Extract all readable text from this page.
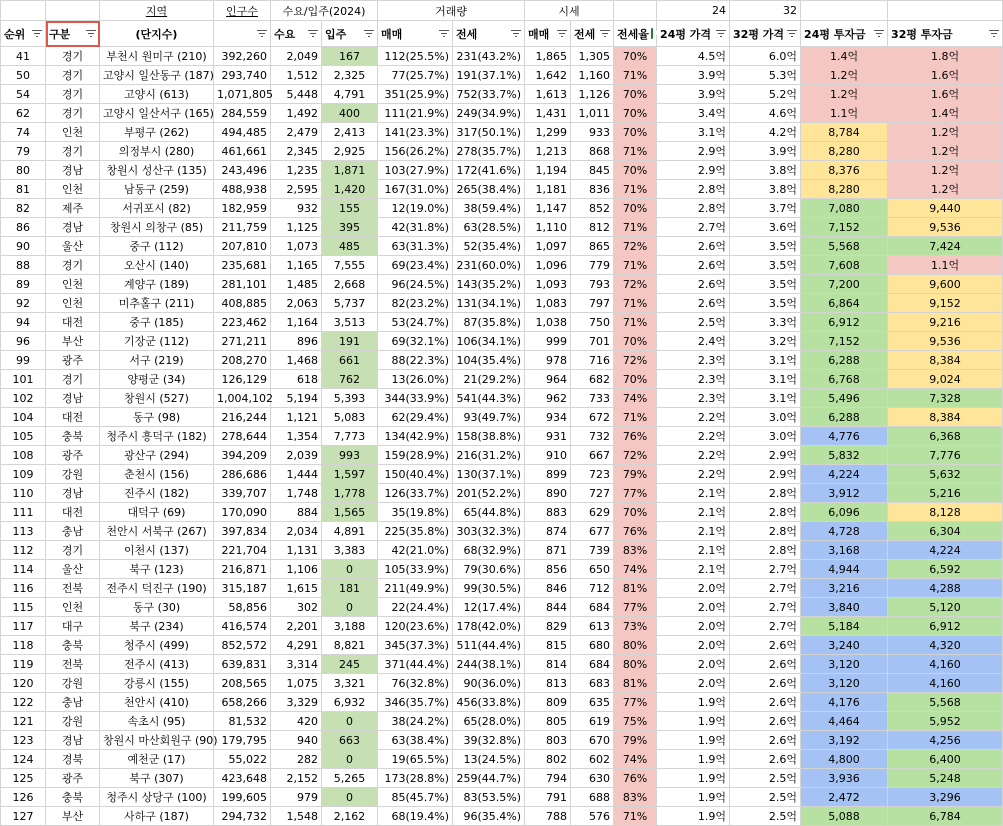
		지역	인구수	수요/입주(2024)		거래량		시세			24	32		

순위	구분	(단지수)		수요	입주	매매	전세	매매	전세	전세율	24평 가격	32평 가격	24평 투자금	32평 투자금

41	경기	부천시 원미구 (210)	392,260	2,049	167	112(25.5%)	231(43.2%)	1,865	1,305	70%	4.5억	6.0억	1.4억	1.8억
50	경기	고양시 일산동구 (187)	293,740	1,512	2,325	77(25.7%)	191(37.1%)	1,642	1,160	71%	3.9억	5.3억	1.2억	1.6억
54	경기	고양시 (613)	1,071,805	5,448	4,791	351(25.9%)	752(33.7%)	1,613	1,126	70%	3.9억	5.2억	1.2억	1.6억
62	경기	고양시 일산서구 (165)	284,559	1,492	400	111(21.9%)	249(34.9%)	1,431	1,011	70%	3.4억	4.6억	1.1억	1.4억
74	인천	부평구 (262)	494,485	2,479	2,413	141(23.3%)	317(50.1%)	1,299	933	70%	3.1억	4.2억	8,784	1.2억
79	경기	의정부시 (280)	461,661	2,345	2,925	156(26.2%)	278(35.7%)	1,213	868	71%	2.9억	3.9억	8,280	1.2억
80	경남	창원시 성산구 (135)	243,496	1,235	1,871	103(27.9%)	172(41.6%)	1,194	845	70%	2.9억	3.8억	8,376	1.2억
81	인천	남동구 (259)	488,938	2,595	1,420	167(31.0%)	265(38.4%)	1,181	836	71%	2.8억	3.8억	8,280	1.2억
82	제주	서귀포시 (82)	182,959	932	155	12(19.0%)	38(59.4%)	1,147	852	70%	2.8억	3.7억	7,080	9,440
86	경남	창원시 의창구 (85)	211,759	1,125	395	42(31.8%)	63(28.5%)	1,110	812	71%	2.7억	3.6억	7,152	9,536
90	울산	중구 (112)	207,810	1,073	485	63(31.3%)	52(35.4%)	1,097	865	72%	2.6억	3.5억	5,568	7,424
88	경기	오산시 (140)	235,681	1,165	7,555	69(23.4%)	231(60.0%)	1,096	779	71%	2.6억	3.5억	7,608	1.1억
89	인천	계양구 (189)	281,101	1,485	2,668	96(24.5%)	143(35.2%)	1,093	793	72%	2.6억	3.5억	7,200	9,600
92	인천	미추홀구 (211)	408,885	2,063	5,737	82(23.2%)	131(34.1%)	1,083	797	71%	2.6억	3.5억	6,864	9,152
94	대전	중구 (185)	223,462	1,164	3,513	53(24.7%)	87(35.8%)	1,038	750	71%	2.5억	3.3억	6,912	9,216
96	부산	기장군 (112)	271,211	896	191	69(32.1%)	106(34.1%)	999	701	70%	2.4억	3.2억	7,152	9,536
99	광주	서구 (219)	208,270	1,468	661	88(22.3%)	104(35.4%)	978	716	72%	2.3억	3.1억	6,288	8,384
101	경기	양평군 (34)	126,129	618	762	13(26.0%)	21(29.2%)	964	682	70%	2.3억	3.1억	6,768	9,024
102	경남	창원시 (527)	1,004,102	5,194	5,393	344(33.9%)	541(44.3%)	962	733	74%	2.3억	3.1억	5,496	7,328
104	대전	동구 (98)	216,244	1,121	5,083	62(29.4%)	93(49.7%)	934	672	71%	2.2억	3.0억	6,288	8,384
105	충북	청주시 흥덕구 (182)	278,644	1,354	7,773	134(42.9%)	158(38.8%)	931	732	76%	2.2억	3.0억	4,776	6,368
108	광주	광산구 (294)	394,209	2,039	993	159(28.9%)	216(31.2%)	910	667	72%	2.2억	2.9억	5,832	7,776
109	강원	춘천시 (156)	286,686	1,444	1,597	150(40.4%)	130(37.1%)	899	723	79%	2.2억	2.9억	4,224	5,632
110	경남	진주시 (182)	339,707	1,748	1,778	126(33.7%)	201(52.2%)	890	727	77%	2.1억	2.8억	3,912	5,216
111	대전	대덕구 (69)	170,090	884	1,565	35(19.8%)	65(44.8%)	883	629	70%	2.1억	2.8억	6,096	8,128
113	충남	천안시 서북구 (267)	397,834	2,034	4,891	225(35.8%)	303(32.3%)	874	677	76%	2.1억	2.8억	4,728	6,304
112	경기	이천시 (137)	221,704	1,131	3,383	42(21.0%)	68(32.9%)	871	739	83%	2.1억	2.8억	3,168	4,224
114	울산	북구 (123)	216,871	1,106	0	105(33.9%)	79(30.6%)	856	650	74%	2.1억	2.7억	4,944	6,592
116	전북	전주시 덕진구 (190)	315,187	1,615	181	211(49.9%)	99(30.5%)	846	712	81%	2.0억	2.7억	3,216	4,288
115	인천	동구 (30)	58,856	302	0	22(24.4%)	12(17.4%)	844	684	77%	2.0억	2.7억	3,840	5,120
117	대구	북구 (234)	416,574	2,201	3,188	120(23.6%)	178(42.0%)	829	613	73%	2.0억	2.7억	5,184	6,912
118	충북	청주시 (499)	852,572	4,291	8,821	345(37.3%)	511(44.4%)	815	680	80%	2.0억	2.6억	3,240	4,320
119	전북	전주시 (413)	639,831	3,314	245	371(44.4%)	244(38.1%)	814	684	80%	2.0억	2.6억	3,120	4,160
120	강원	강릉시 (155)	208,565	1,075	3,321	76(32.8%)	90(36.0%)	813	683	81%	2.0억	2.6억	3,120	4,160
122	충남	천안시 (410)	658,266	3,329	6,932	346(35.7%)	456(33.8%)	809	635	77%	1.9억	2.6억	4,176	5,568
121	강원	속초시 (95)	81,532	420	0	38(24.2%)	65(28.0%)	805	619	75%	1.9억	2.6억	4,464	5,952
123	경남	창원시 마산회원구 (90)	179,795	940	663	63(38.4%)	39(32.8%)	803	670	79%	1.9억	2.6억	3,192	4,256
124	경북	예천군 (17)	55,022	282	0	19(65.5%)	13(24.5%)	802	602	74%	1.9억	2.6억	4,800	6,400
125	광주	북구 (307)	423,648	2,152	5,265	173(28.8%)	259(44.7%)	794	630	76%	1.9억	2.5억	3,936	5,248
126	충북	청주시 상당구 (100)	199,605	979	0	85(45.7%)	83(53.5%)	791	688	83%	1.9억	2.5억	2,472	3,296
127	부산	사하구 (187)	294,732	1,548	2,162	68(19.4%)	96(35.4%)	788	576	71%	1.9억	2.5억	5,088	6,784
